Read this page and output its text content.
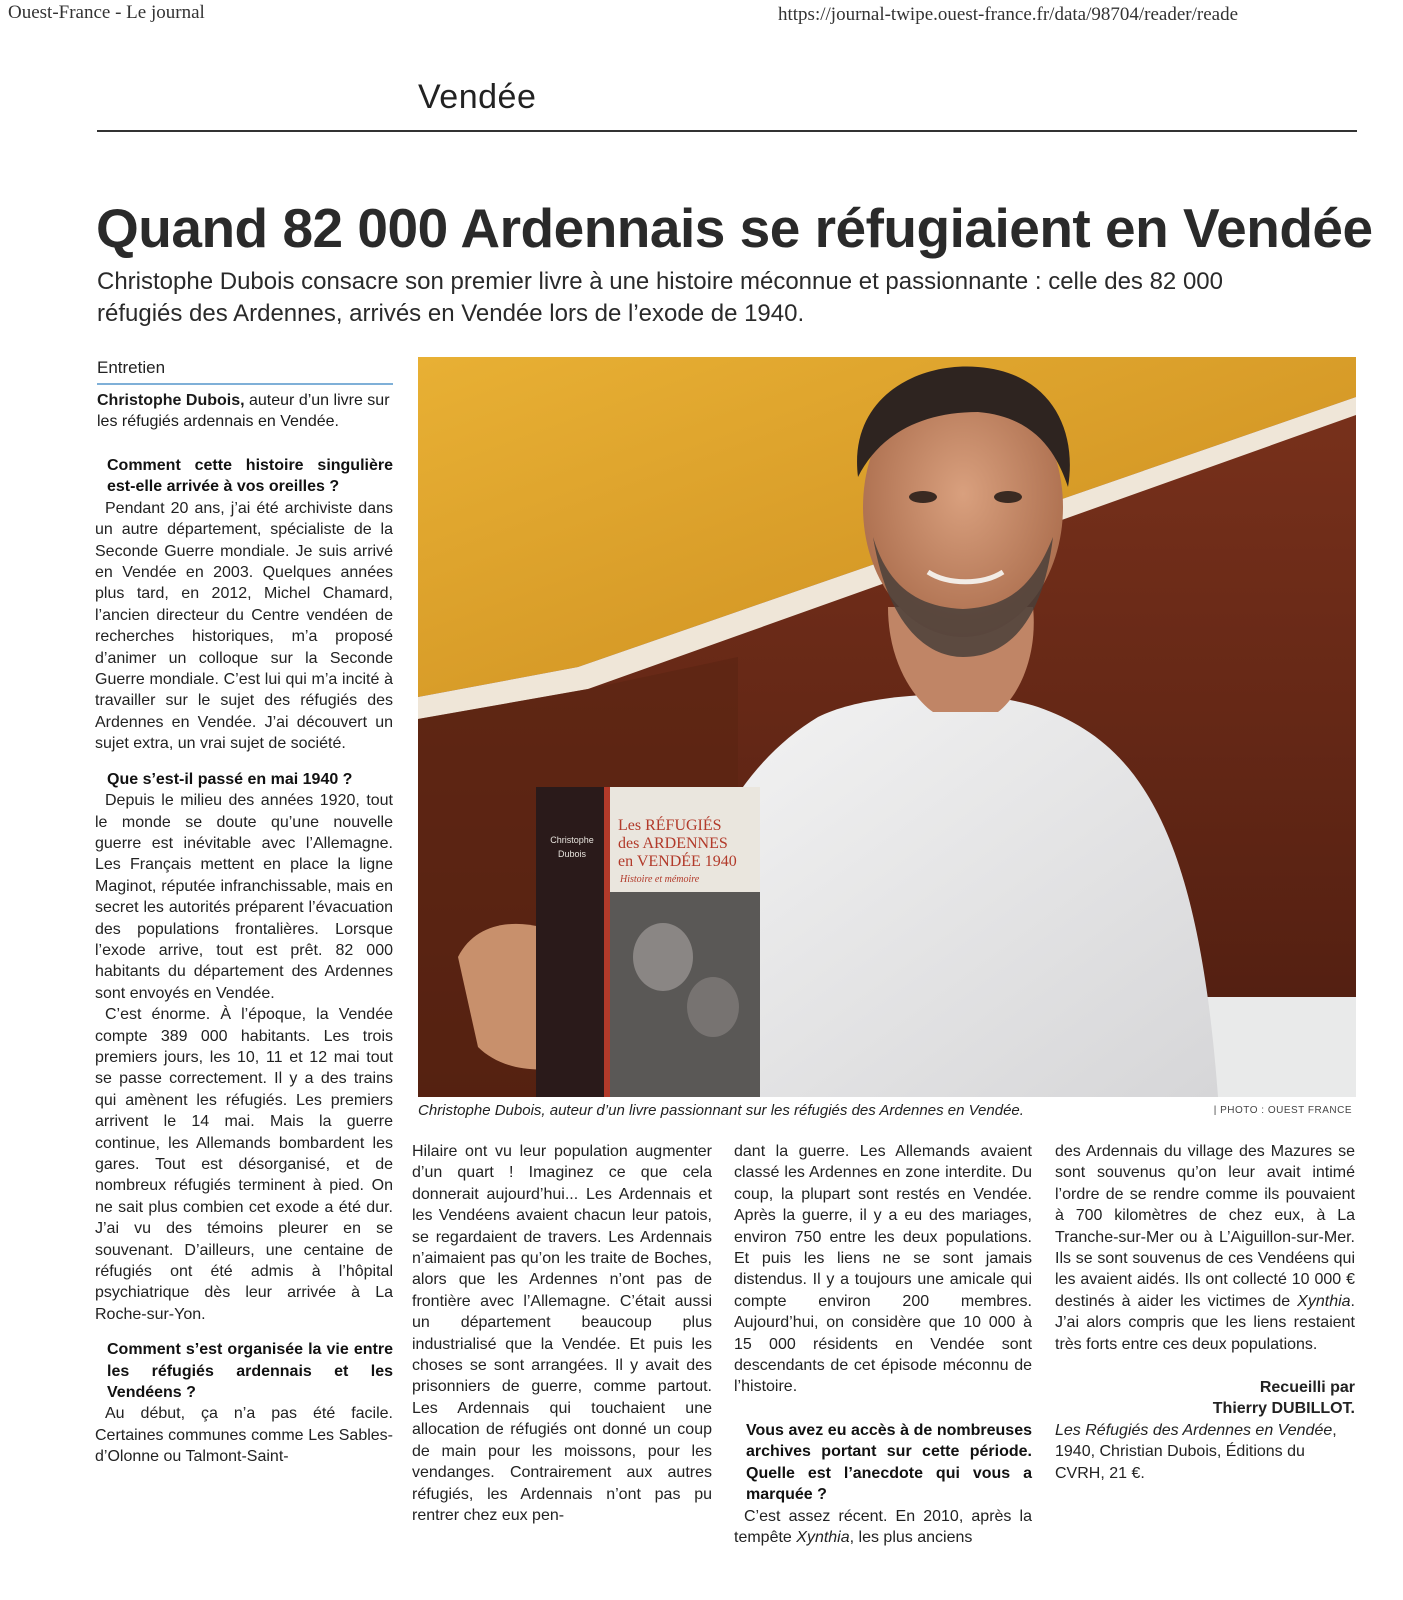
Ouest-France - Le journal	https://journal-twipe.ouest-france.fr/data/98704/reader/reade
Vendée
Quand 82 000 Ardennais se réfugiaient en Vendée
Christophe Dubois consacre son premier livre à une histoire méconnue et passionnante : celle des 82 000 réfugiés des Ardennes, arrivés en Vendée lors de l’exode de 1940.
Entretien

Christophe Dubois, auteur d’un livre sur les réfugiés ardennais en Vendée.

Comment cette histoire singulière est-elle arrivée à vos oreilles ?

Pendant 20 ans, j’ai été archiviste dans un autre département, spécialiste de la Seconde Guerre mondiale. Je suis arrivé en Vendée en 2003. Quelques années plus tard, en 2012, Michel Chamard, l’ancien directeur du Centre vendéen de recherches historiques, m’a proposé d’animer un colloque sur la Seconde Guerre mondiale. C’est lui qui m’a incité à travailler sur le sujet des réfugiés des Ardennes en Vendée. J’ai découvert un sujet extra, un vrai sujet de société.

Que s’est-il passé en mai 1940 ?

Depuis le milieu des années 1920, tout le monde se doute qu’une nouvelle guerre est inévitable avec l’Allemagne. Les Français mettent en place la ligne Maginot, réputée infranchissable, mais en secret les autorités préparent l’évacuation des populations frontalières. Lorsque l’exode arrive, tout est prêt. 82 000 habitants du département des Ardennes sont envoyés en Vendée.

C’est énorme. À l’époque, la Vendée compte 389 000 habitants. Les trois premiers jours, les 10, 11 et 12 mai tout se passe correctement. Il y a des trains qui amènent les réfugiés. Les premiers arrivent le 14 mai. Mais la guerre continue, les Allemands bombardent les gares. Tout est désorganisé, et de nombreux réfugiés terminent à pied. On ne sait plus combien cet exode a été dur. J’ai vu des témoins pleurer en se souvenant. D’ailleurs, une centaine de réfugiés ont été admis à l’hôpital psychiatrique dès leur arrivée à La Roche-sur-Yon.

Comment s’est organisée la vie entre les réfugiés ardennais et les Vendéens ?

Au début, ça n’a pas été facile. Certaines communes comme Les Sables-d’Olonne ou Talmont-Saint-

Christophe
Dubois
Les RÉFUGIÉS
des ARDENNES
en VENDÉE 1940
Histoire et mémoire
Christophe Dubois, auteur d’un livre passionnant sur les réfugiés des Ardennes en Vendée.	| PHOTO : OUEST FRANCE

Hilaire ont vu leur population augmenter d’un quart ! Imaginez ce que cela donnerait aujourd’hui... Les Ardennais et les Vendéens avaient chacun leur patois, se regardaient de travers. Les Ardennais n’aimaient pas qu’on les traite de Boches, alors que les Ardennes n’ont pas de frontière avec l’Allemagne. C’était aussi un département beaucoup plus industrialisé que la Vendée. Et puis les choses se sont arrangées. Il y avait des prisonniers de guerre, comme partout. Les Ardennais qui touchaient une allocation de réfugiés ont donné un coup de main pour les moissons, pour les vendanges. Contrairement aux autres réfugiés, les Ardennais n’ont pas pu rentrer chez eux pen-

dant la guerre. Les Allemands avaient classé les Ardennes en zone interdite. Du coup, la plupart sont restés en Vendée. Après la guerre, il y a eu des mariages, environ 750 entre les deux populations. Et puis les liens ne se sont jamais distendus. Il y a toujours une amicale qui compte environ 200 membres. Aujourd’hui, on considère que 10 000 à 15 000 résidents en Vendée sont descendants de cet épisode méconnu de l’histoire.

Vous avez eu accès à de nombreuses archives portant sur cette période. Quelle est l’anecdote qui vous a marquée ?

C’est assez récent. En 2010, après la tempête Xynthia, les plus anciens

des Ardennais du village des Mazures se sont souvenus qu’on leur avait intimé l’ordre de se rendre comme ils pouvaient à 700 kilomètres de chez eux, à La Tranche-sur-Mer ou à L’Aiguillon-sur-Mer. Ils se sont souvenus de ces Vendéens qui les avaient aidés. Ils ont collecté 10 000 € destinés à aider les victimes de Xynthia. J’ai alors compris que les liens restaient très forts entre ces deux populations.

Recueilli par
Thierry DUBILLOT.

Les Réfugiés des Ardennes en Vendée, 1940, Christian Dubois, Éditions du CVRH, 21 €.
